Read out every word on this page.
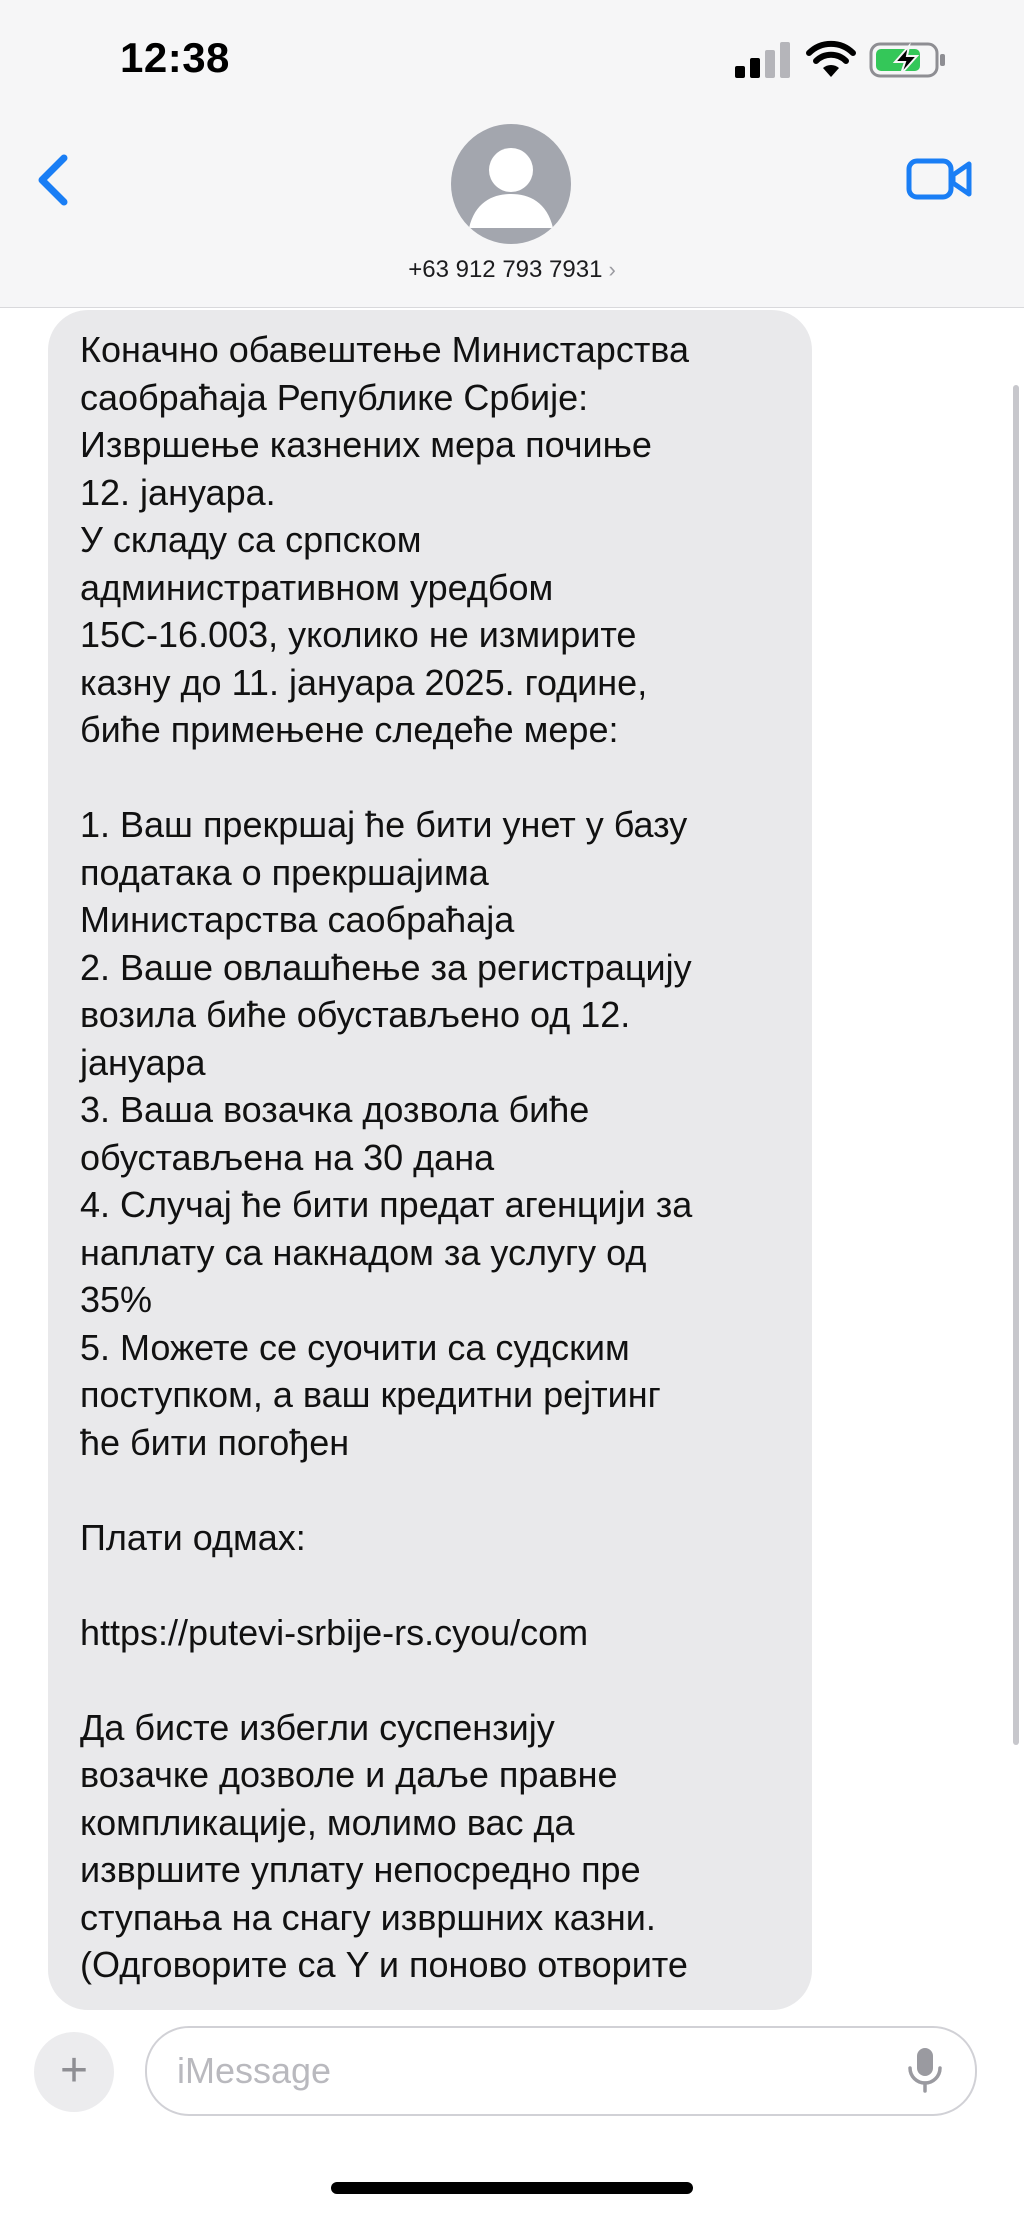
12:38
+63 912 793 7931 ›
Коначно обавештење Министарства
саобраћаја Републике Србије:
Извршење казнених мера почиње
12. јануара.
У складу са српском
административном уредбом
15C-16.003, уколико не измирите
казну до 11. јануара 2025. године,
биће примењене следеће мере:

1. Ваш прекршај ће бити унет у базу
података о прекршајима
Министарства саобраћаја
2. Ваше овлашћење за регистрацију
возила биће обустављено од 12.
јануара
3. Ваша возачка дозвола биће
обустављена на 30 дана
4. Случај ће бити предат агенцији за
наплату са накнадом за услугу од
35%
5. Можете се суочити са судским
поступком, а ваш кредитни рејтинг
ће бити погођен

Плати одмах:

https://putevi-srbije-rs.cyou/com

Да бисте избегли суспензију
возачке дозволе и даље правне
компликације, молимо вас да
извршите уплату непосредно пре
ступања на снагу извршних казни.
(Одговорите са Y и поново отворите
+	iMessage
